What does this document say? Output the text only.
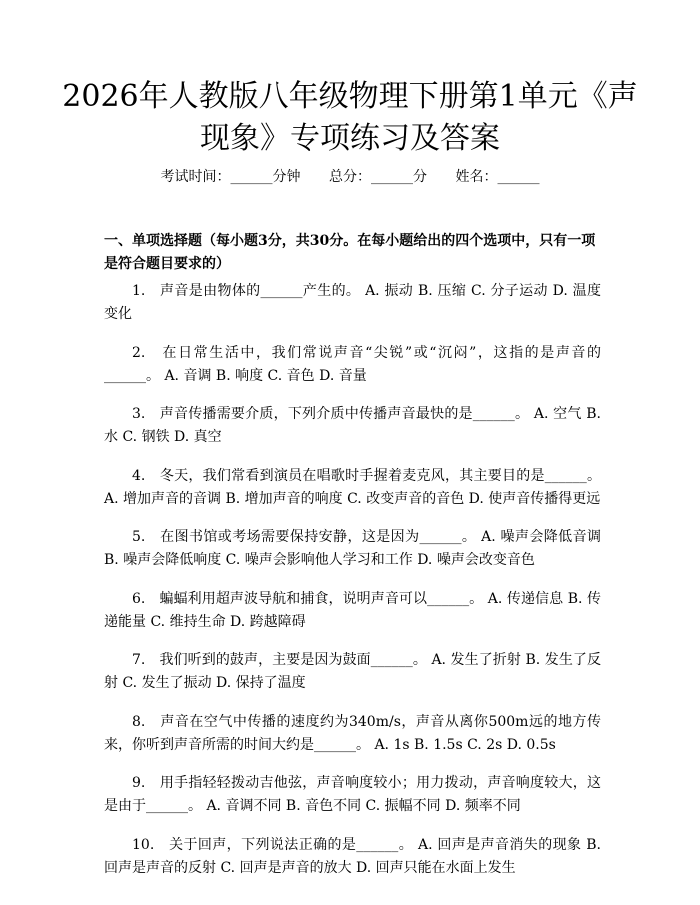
2026年人教版八年级物理下册第1单元《声现象》专项练习及答案
考试时间：______分钟 总分：______分 姓名：______
一、单项选择题（每小题3分，共30分。在每小题给出的四个选项中，只有一项是符合题目要求的）

1.　声音是由物体的______产生的。 A. 振动 B. 压缩 C. 分子运动 D. 温度变化

2.　在日常生活中，我们常说声音“尖锐”或“沉闷”，这指的是声音的______。 A. 音调 B. 响度 C. 音色 D. 音量

3.　声音传播需要介质，下列介质中传播声音最快的是______。 A. 空气 B. 水 C. 钢铁 D. 真空

4.　冬天，我们常看到演员在唱歌时手握着麦克风，其主要目的是______。 A. 增加声音的音调 B. 增加声音的响度 C. 改变声音的音色 D. 使声音传播得更远

5.　在图书馆或考场需要保持安静，这是因为______。 A. 噪声会降低音调 B. 噪声会降低响度 C. 噪声会影响他人学习和工作 D. 噪声会改变音色

6.　蝙蝠利用超声波导航和捕食，说明声音可以______。 A. 传递信息 B. 传递能量 C. 维持生命 D. 跨越障碍

7.　我们听到的鼓声，主要是因为鼓面______。 A. 发生了折射 B. 发生了反射 C. 发生了振动 D. 保持了温度

8.　声音在空气中传播的速度约为340m/s，声音从离你500m远的地方传来，你听到声音所需的时间大约是______。 A. 1s B. 1.5s C. 2s D. 0.5s

9.　用手指轻轻拨动吉他弦，声音响度较小；用力拨动，声音响度较大，这是由于______。 A. 音调不同 B. 音色不同 C. 振幅不同 D. 频率不同

10.　关于回声，下列说法正确的是______。 A. 回声是声音消失的现象 B. 回声是声音的反射 C. 回声是声音的放大 D. 回声只能在水面上发生
